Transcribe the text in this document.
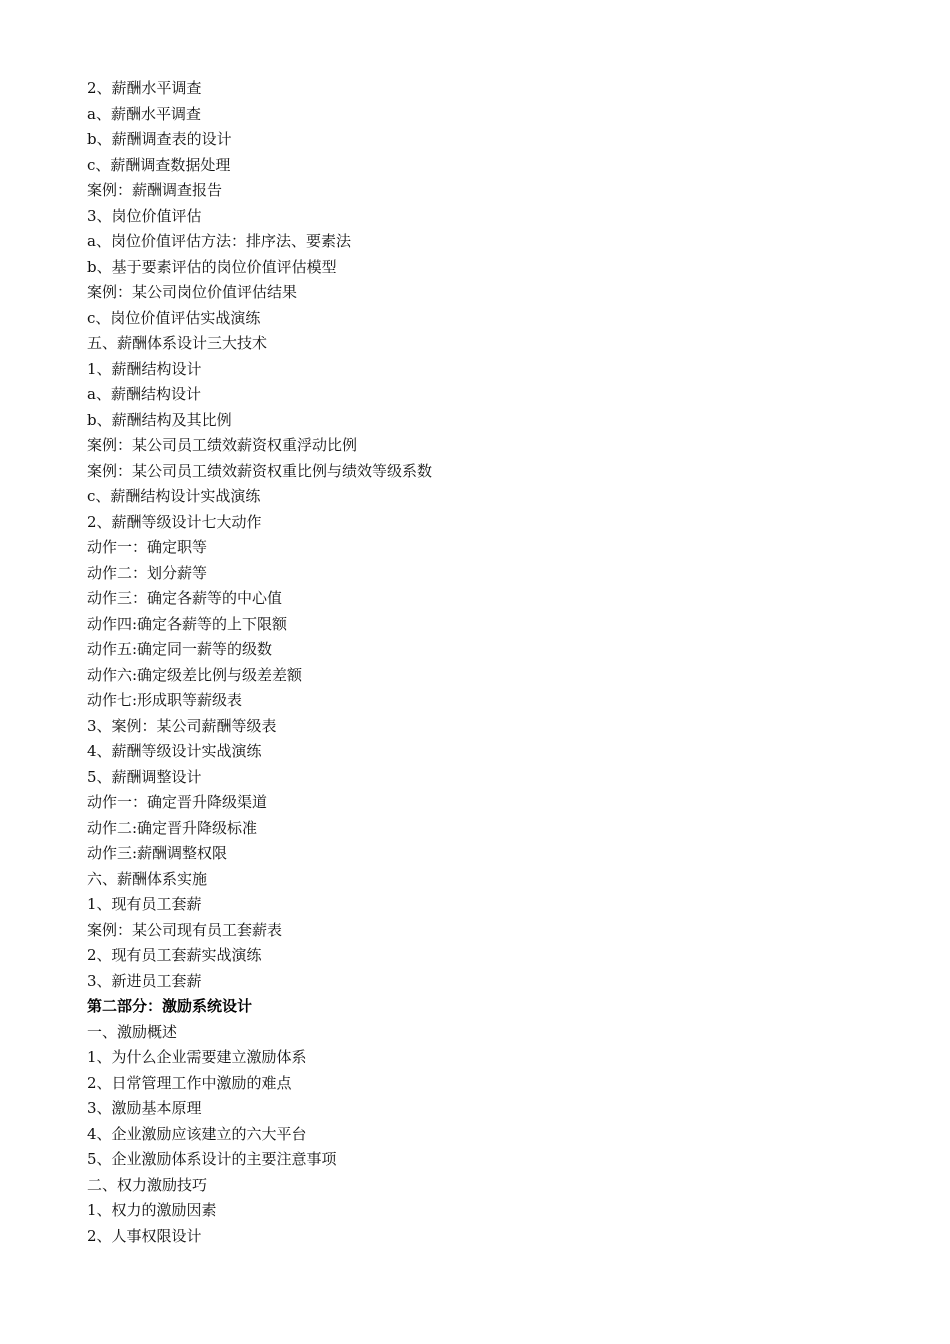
2、薪酬水平调查
a、薪酬水平调查
b、薪酬调查表的设计
c、薪酬调查数据处理
案例：薪酬调查报告
3、岗位价值评估
a、岗位价值评估方法：排序法、要素法
b、基于要素评估的岗位价值评估模型
案例：某公司岗位价值评估结果
c、岗位价值评估实战演练
五、薪酬体系设计三大技术
1、薪酬结构设计
a、薪酬结构设计
b、薪酬结构及其比例
案例：某公司员工绩效薪资权重浮动比例
案例：某公司员工绩效薪资权重比例与绩效等级系数
c、薪酬结构设计实战演练
2、薪酬等级设计七大动作
动作一：确定职等
动作二：划分薪等
动作三：确定各薪等的中心值
动作四:确定各薪等的上下限额
动作五:确定同一薪等的级数
动作六:确定级差比例与级差差额
动作七:形成职等薪级表
3、案例：某公司薪酬等级表
4、薪酬等级设计实战演练
5、薪酬调整设计
动作一：确定晋升降级渠道
动作二:确定晋升降级标准
动作三:薪酬调整权限
六、薪酬体系实施
1、现有员工套薪
案例：某公司现有员工套薪表
2、现有员工套薪实战演练
3、新进员工套薪
第二部分：激励系统设计
一、激励概述
1、为什么企业需要建立激励体系
2、日常管理工作中激励的难点
3、激励基本原理
4、企业激励应该建立的六大平台
5、企业激励体系设计的主要注意事项
二、权力激励技巧
1、权力的激励因素
2、人事权限设计
